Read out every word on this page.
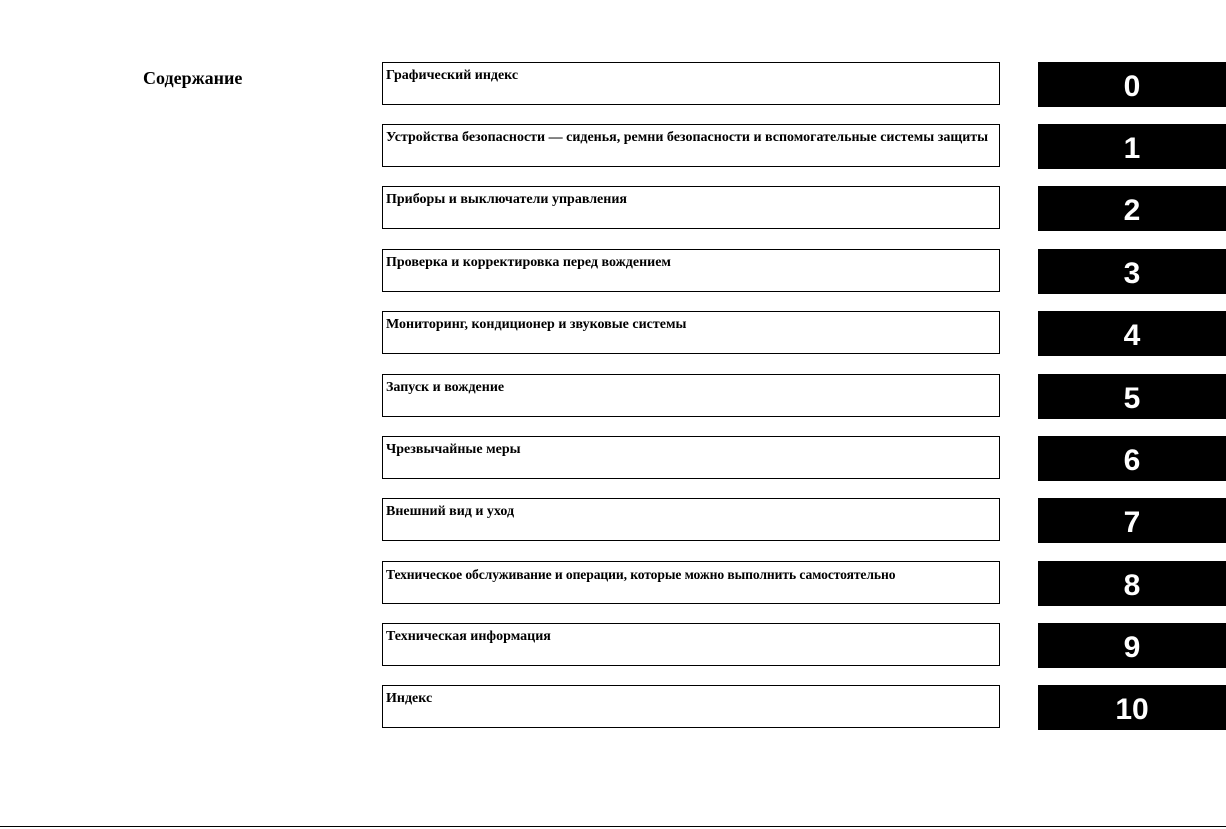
Содержание	Графический индекс	0
Устройства безопасности — сиденья, ремни безопасности и вспомогательные системы защиты	1
Приборы и выключатели управления	2
Проверка и корректировка перед вождением	3
Мониторинг, кондиционер и звуковые системы	4
Запуск и вождение	5
Чрезвычайные меры	6
Внешний вид и уход	7
Техническое обслуживание и операции, которые можно выполнить самостоятельно	8
Техническая информация	9
Индекс	10
